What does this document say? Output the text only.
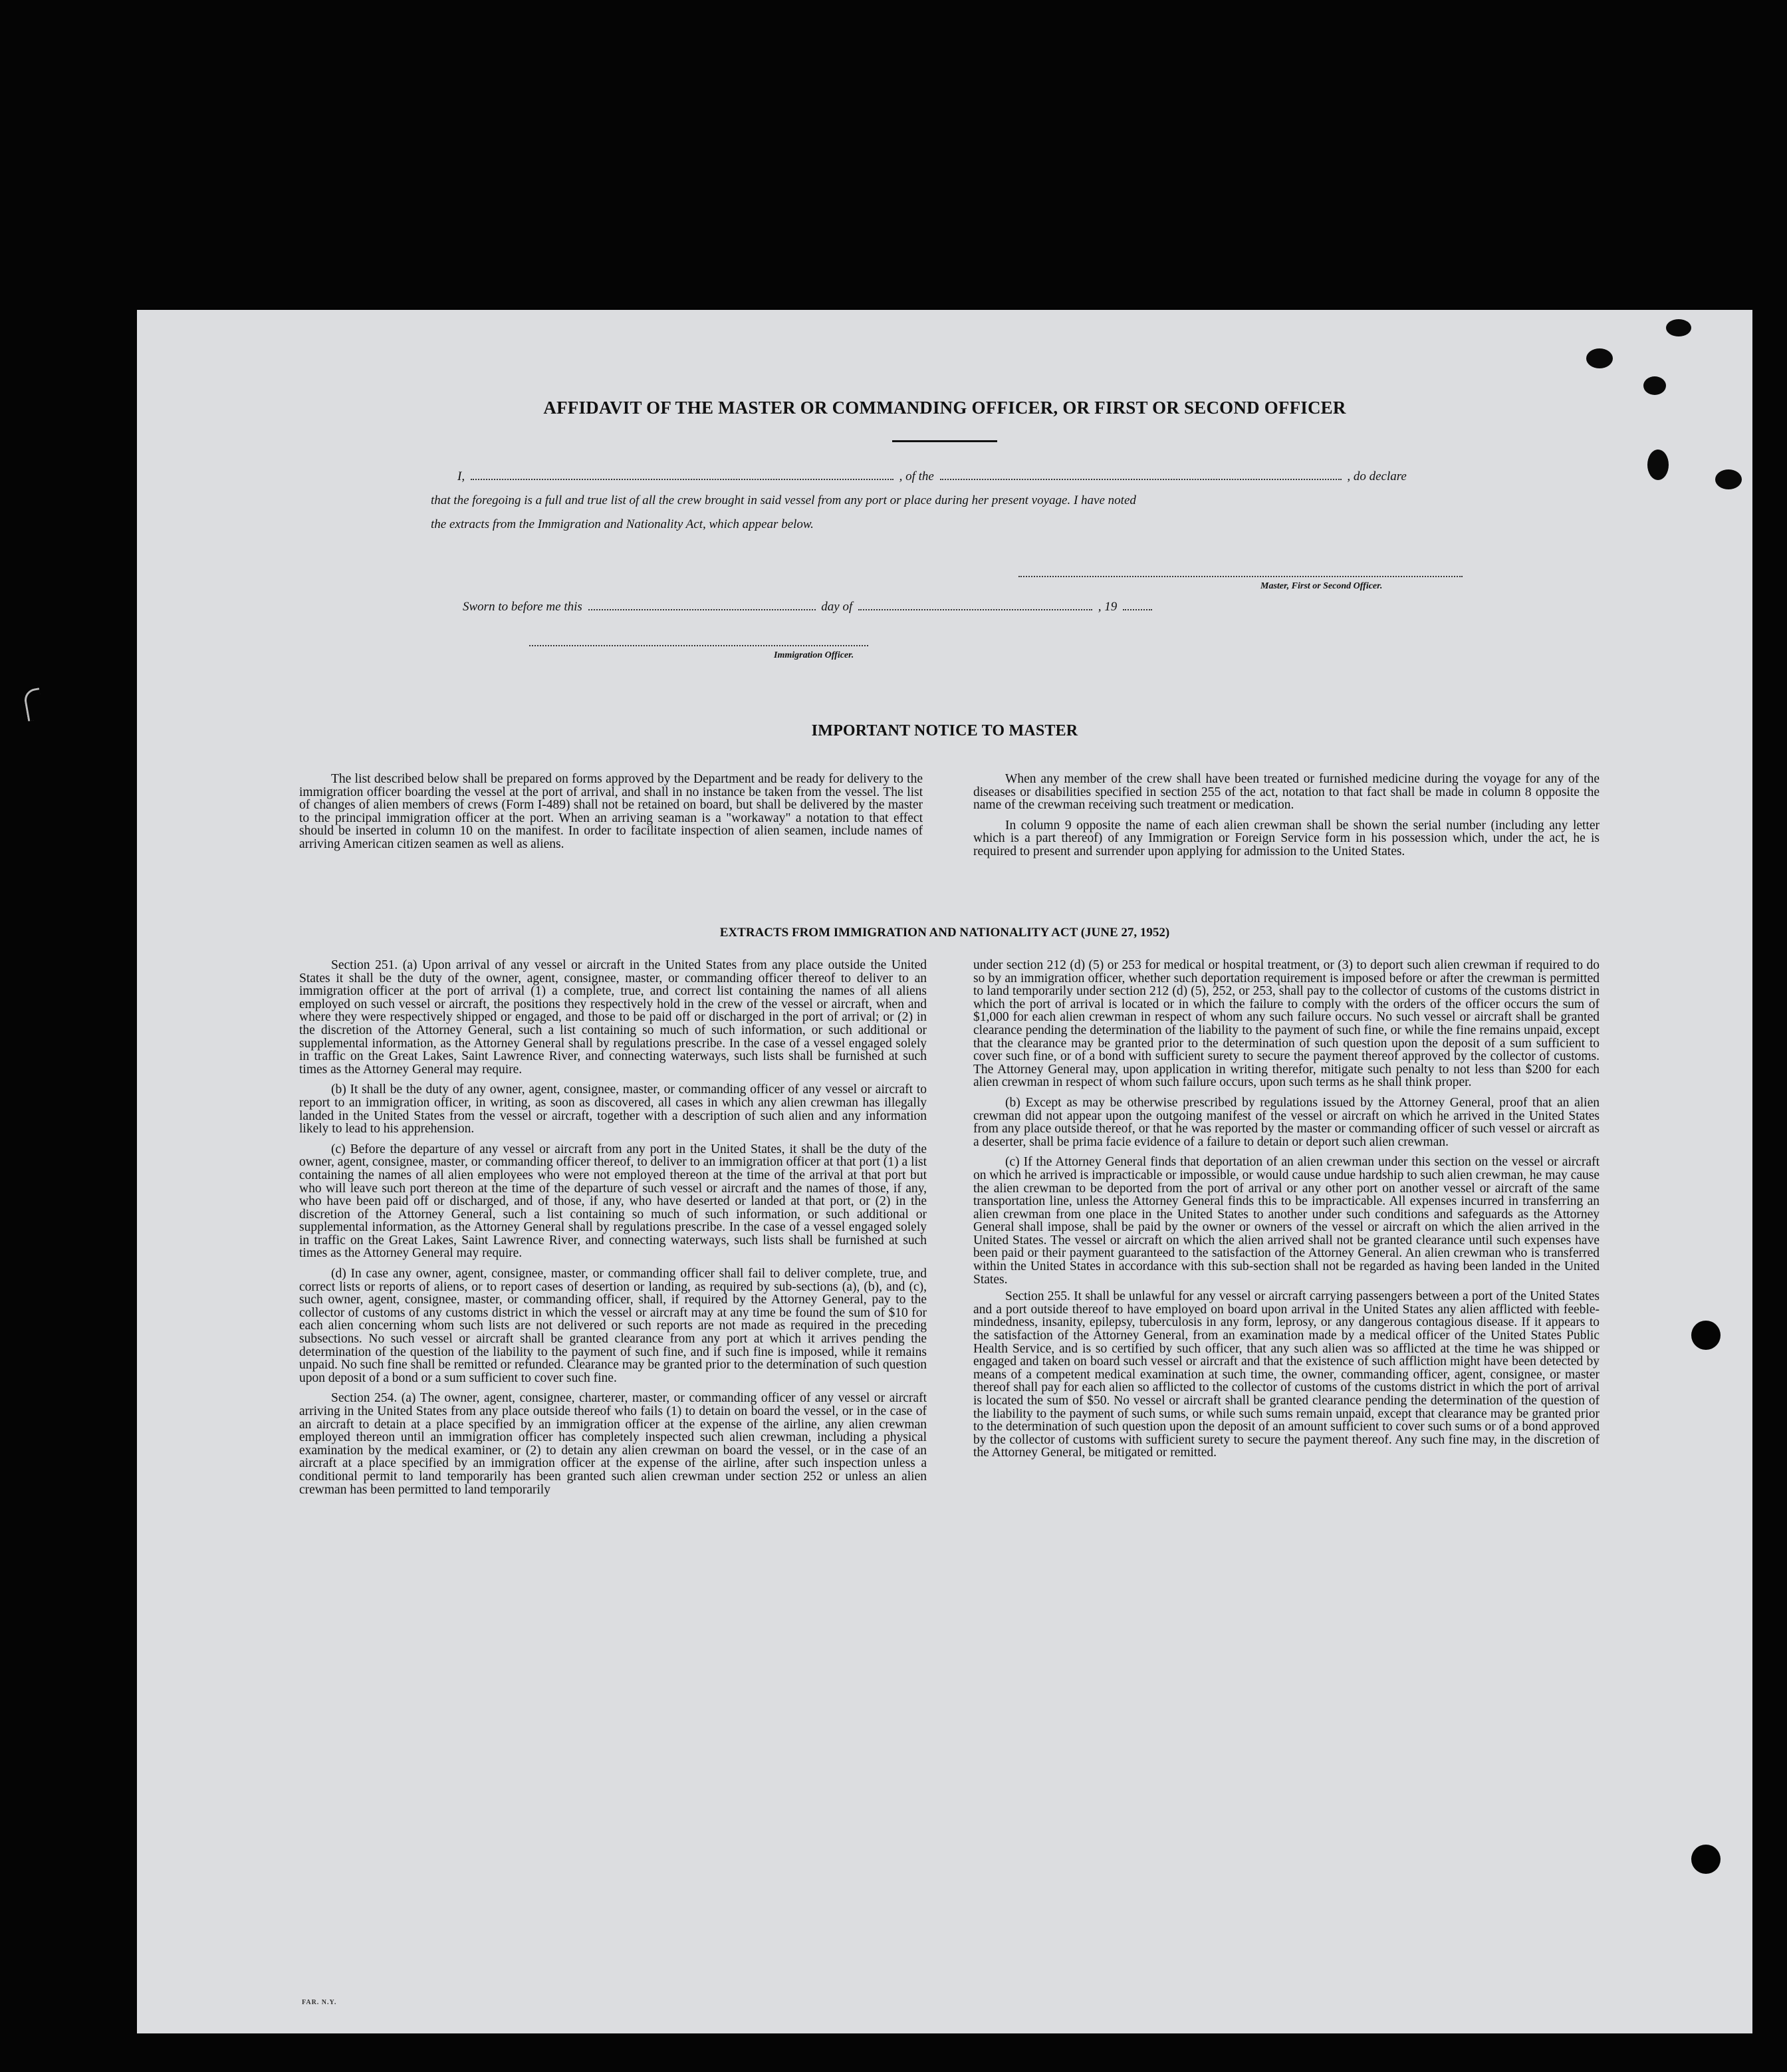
AFFIDAVIT OF THE MASTER OR COMMANDING OFFICER, OR FIRST OR SECOND OFFICER
I,	, of the	, do declare
that the foregoing is a full and true list of all the crew brought in said vessel from any port or place during her present voyage. I have noted
the extracts from the Immigration and Nationality Act, which appear below.
Master, First or Second Officer.
Sworn to before me this	day of	, 19
Immigration Officer.
IMPORTANT NOTICE TO MASTER

The list described below shall be prepared on forms approved by the Department and be ready for delivery to the immigration officer boarding the vessel at the port of arrival, and shall in no instance be taken from the vessel. The list of changes of alien members of crews (Form I-489) shall not be retained on board, but shall be delivered by the master to the principal immigration officer at the port. When an arriving seaman is a "workaway" a notation to that effect should be inserted in column 10 on the manifest. In order to facilitate inspection of alien seamen, include names of arriving American citizen seamen as well as aliens.

When any member of the crew shall have been treated or furnished medicine during the voyage for any of the diseases or disabilities specified in section 255 of the act, notation to that fact shall be made in column 8 opposite the name of the crewman receiving such treatment or medication.

In column 9 opposite the name of each alien crewman shall be shown the serial number (including any letter which is a part thereof) of any Immigration or Foreign Service form in his possession which, under the act, he is required to present and surrender upon applying for admission to the United States.

EXTRACTS FROM IMMIGRATION AND NATIONALITY ACT (JUNE 27, 1952)

Section 251. (a) Upon arrival of any vessel or aircraft in the United States from any place outside the United States it shall be the duty of the owner, agent, consignee, master, or commanding officer thereof to deliver to an immigration officer at the port of arrival (1) a complete, true, and correct list containing the names of all aliens employed on such vessel or aircraft, the positions they respectively hold in the crew of the vessel or aircraft, when and where they were respectively shipped or engaged, and those to be paid off or discharged in the port of arrival; or (2) in the discretion of the Attorney General, such a list containing so much of such information, or such additional or supplemental information, as the Attorney General shall by regulations prescribe. In the case of a vessel engaged solely in traffic on the Great Lakes, Saint Lawrence River, and connecting waterways, such lists shall be furnished at such times as the Attorney General may require.

(b) It shall be the duty of any owner, agent, consignee, master, or commanding officer of any vessel or aircraft to report to an immigration officer, in writing, as soon as discovered, all cases in which any alien crewman has illegally landed in the United States from the vessel or aircraft, together with a description of such alien and any information likely to lead to his apprehension.

(c) Before the departure of any vessel or aircraft from any port in the United States, it shall be the duty of the owner, agent, consignee, master, or commanding officer thereof, to deliver to an immigration officer at that port (1) a list containing the names of all alien employees who were not employed thereon at the time of the arrival at that port but who will leave such port thereon at the time of the departure of such vessel or aircraft and the names of those, if any, who have been paid off or discharged, and of those, if any, who have deserted or landed at that port, or (2) in the discretion of the Attorney General, such a list containing so much of such information, or such additional or supplemental information, as the Attorney General shall by regulations prescribe. In the case of a vessel engaged solely in traffic on the Great Lakes, Saint Lawrence River, and connecting waterways, such lists shall be furnished at such times as the Attorney General may require.

(d) In case any owner, agent, consignee, master, or commanding officer shall fail to deliver complete, true, and correct lists or reports of aliens, or to report cases of desertion or landing, as required by sub-sections (a), (b), and (c), such owner, agent, consignee, master, or commanding officer, shall, if required by the Attorney General, pay to the collector of customs of any customs district in which the vessel or aircraft may at any time be found the sum of $10 for each alien concerning whom such lists are not delivered or such reports are not made as required in the preceding subsections. No such vessel or aircraft shall be granted clearance from any port at which it arrives pending the determination of the question of the liability to the payment of such fine, and if such fine is imposed, while it remains unpaid. No such fine shall be remitted or refunded. Clearance may be granted prior to the determination of such question upon deposit of a bond or a sum sufficient to cover such fine.

Section 254. (a) The owner, agent, consignee, charterer, master, or commanding officer of any vessel or aircraft arriving in the United States from any place outside thereof who fails (1) to detain on board the vessel, or in the case of an aircraft to detain at a place specified by an immigration officer at the expense of the airline, any alien crewman employed thereon until an immigration officer has completely inspected such alien crewman, including a physical examination by the medical examiner, or (2) to detain any alien crewman on board the vessel, or in the case of an aircraft at a place specified by an immigration officer at the expense of the airline, after such inspection unless a conditional permit to land temporarily has been granted such alien crewman under section 252 or unless an alien crewman has been permitted to land temporarily

under section 212 (d) (5) or 253 for medical or hospital treatment, or (3) to deport such alien crewman if required to do so by an immigration officer, whether such deportation requirement is imposed before or after the crewman is permitted to land temporarily under section 212 (d) (5), 252, or 253, shall pay to the collector of customs of the customs district in which the port of arrival is located or in which the failure to comply with the orders of the officer occurs the sum of $1,000 for each alien crewman in respect of whom any such failure occurs. No such vessel or aircraft shall be granted clearance pending the determination of the liability to the payment of such fine, or while the fine remains unpaid, except that the clearance may be granted prior to the determination of such question upon the deposit of a sum sufficient to cover such fine, or of a bond with sufficient surety to secure the payment thereof approved by the collector of customs. The Attorney General may, upon application in writing therefor, mitigate such penalty to not less than $200 for each alien crewman in respect of whom such failure occurs, upon such terms as he shall think proper.

(b) Except as may be otherwise prescribed by regulations issued by the Attorney General, proof that an alien crewman did not appear upon the outgoing manifest of the vessel or aircraft on which he arrived in the United States from any place outside thereof, or that he was reported by the master or commanding officer of such vessel or aircraft as a deserter, shall be prima facie evidence of a failure to detain or deport such alien crewman.

(c) If the Attorney General finds that deportation of an alien crewman under this section on the vessel or aircraft on which he arrived is impracticable or impossible, or would cause undue hardship to such alien crewman, he may cause the alien crewman to be deported from the port of arrival or any other port on another vessel or aircraft of the same transportation line, unless the Attorney General finds this to be impracticable. All expenses incurred in transferring an alien crewman from one place in the United States to another under such conditions and safeguards as the Attorney General shall impose, shall be paid by the owner or owners of the vessel or aircraft on which the alien arrived in the United States. The vessel or aircraft on which the alien arrived shall not be granted clearance until such expenses have been paid or their payment guaranteed to the satisfaction of the Attorney General. An alien crewman who is transferred within the United States in accordance with this sub-section shall not be regarded as having been landed in the United States.

Section 255. It shall be unlawful for any vessel or aircraft carrying passengers between a port of the United States and a port outside thereof to have employed on board upon arrival in the United States any alien afflicted with feeble-mindedness, insanity, epilepsy, tuberculosis in any form, leprosy, or any dangerous contagious disease. If it appears to the satisfaction of the Attorney General, from an examination made by a medical officer of the United States Public Health Service, and is so certified by such officer, that any such alien was so afflicted at the time he was shipped or engaged and taken on board such vessel or aircraft and that the existence of such affliction might have been detected by means of a competent medical examination at such time, the owner, commanding officer, agent, consignee, or master thereof shall pay for each alien so afflicted to the collector of customs of the customs district in which the port of arrival is located the sum of $50. No vessel or aircraft shall be granted clearance pending the determination of the question of the liability to the payment of such sums, or while such sums remain unpaid, except that clearance may be granted prior to the determination of such question upon the deposit of an amount sufficient to cover such sums or of a bond approved by the collector of customs with sufficient surety to secure the payment thereof. Any such fine may, in the discretion of the Attorney General, be mitigated or remitted.

FAR. N.Y.
